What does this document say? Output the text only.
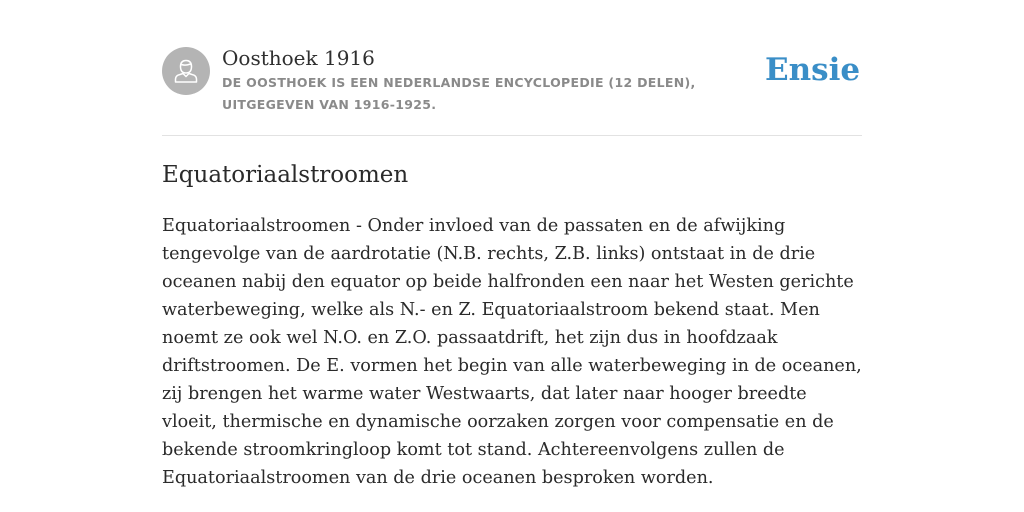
Oosthoek 1916
DE OOSTHOEK IS EEN NEDERLANDSE ENCYCLOPEDIE (12 DELEN), UITGEGEVEN VAN 1916-1925.
Ensie
Equatoriaalstroomen

Equatoriaalstroomen - Onder invloed van de passaten en de afwijking tengevolge van de aardrotatie (N.B. rechts, Z.B. links) ontstaat in de drie oceanen nabij den equator op beide halfronden een naar het Westen gerichte waterbeweging, welke als N.- en Z. Equatoriaalstroom bekend staat. Men noemt ze ook wel N.O. en Z.O. passaatdrift, het zijn dus in hoofdzaak driftstroomen. De E. vormen het begin van alle waterbeweging in de oceanen, zij brengen het warme water Westwaarts, dat later naar hooger breedte vloeit, thermische en dynamische oorzaken zorgen voor compensatie en de bekende stroomkringloop komt tot stand. Achtereenvolgens zullen de Equatoriaalstroomen van de drie oceanen besproken worden.
